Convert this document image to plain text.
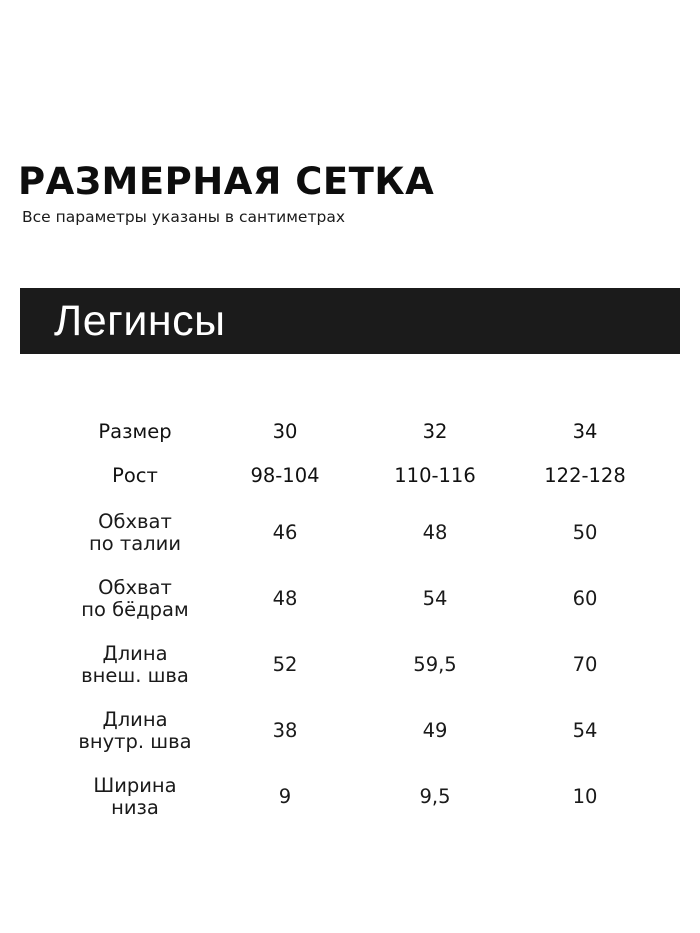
РАЗМЕРНАЯ СЕТКА
Все параметры указаны в сантиметрах
Легинсы
Размер	30	32	34

Рост	98-104	110-116	122-128

Обхват
по талии	46	48	50

Обхват
по бёдрам	48	54	60

Длина
внеш. шва	52	59,5	70

Длина
внутр. шва	38	49	54

Ширина
низа	9	9,5	10
